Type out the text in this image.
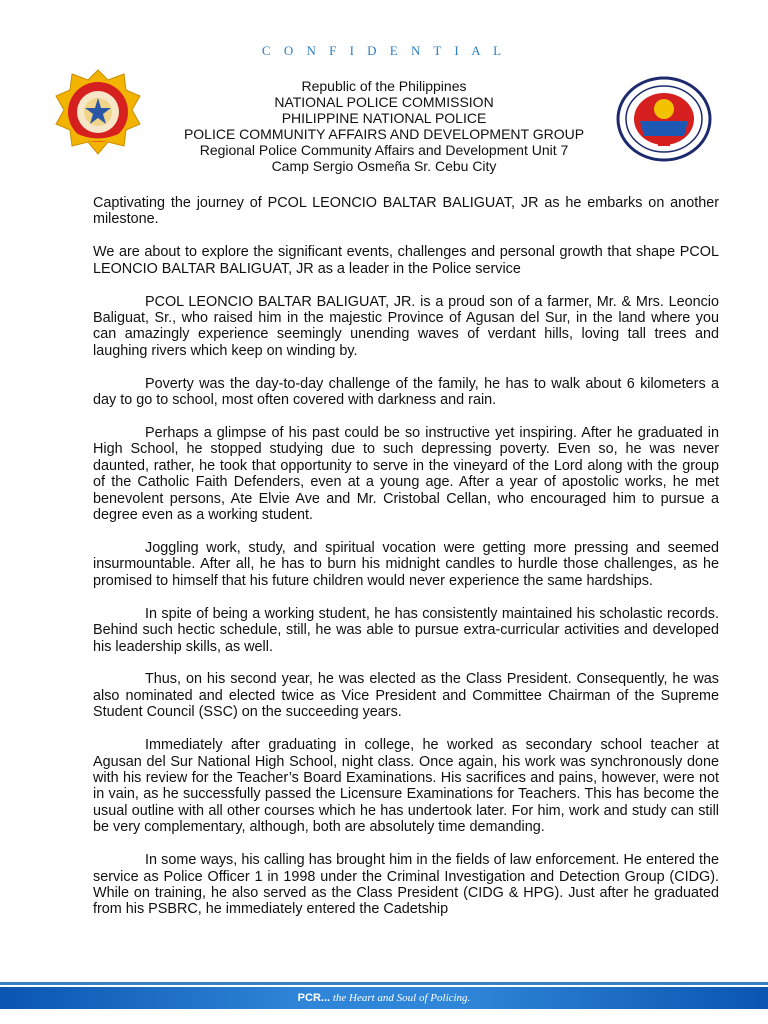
C O N F I D E N T I A L
Republic of the Philippines
NATIONAL POLICE COMMISSION
PHILIPPINE NATIONAL POLICE
POLICE COMMUNITY AFFAIRS AND DEVELOPMENT GROUP
Regional Police Community Affairs and Development Unit 7
Camp Sergio Osmeña Sr. Cebu City

Captivating the journey of PCOL LEONCIO BALTAR BALIGUAT, JR as he embarks on another milestone.

We are about to explore the significant events, challenges and personal growth that shape PCOL LEONCIO BALTAR BALIGUAT, JR as a leader in the Police service

PCOL LEONCIO BALTAR BALIGUAT, JR. is a proud son of a farmer, Mr. & Mrs. Leoncio Baliguat, Sr., who raised him in the majestic Province of Agusan del Sur, in the land where you can amazingly experience seemingly unending waves of verdant hills, loving tall trees and laughing rivers which keep on winding by.

Poverty was the day-to-day challenge of the family, he has to walk about 6 kilometers a day to go to school, most often covered with darkness and rain.

Perhaps a glimpse of his past could be so instructive yet inspiring. After he graduated in High School, he stopped studying due to such depressing poverty. Even so, he was never daunted, rather, he took that opportunity to serve in the vineyard of the Lord along with the group of the Catholic Faith Defenders, even at a young age. After a year of apostolic works, he met benevolent persons, Ate Elvie Ave and Mr. Cristobal Cellan, who encouraged him to pursue a degree even as a working student.

Joggling work, study, and spiritual vocation were getting more pressing and seemed insurmountable. After all, he has to burn his midnight candles to hurdle those challenges, as he promised to himself that his future children would never experience the same hardships.

In spite of being a working student, he has consistently maintained his scholastic records. Behind such hectic schedule, still, he was able to pursue extra-curricular activities and developed his leadership skills, as well.

Thus, on his second year, he was elected as the Class President. Consequently, he was also nominated and elected twice as Vice President and Committee Chairman of the Supreme Student Council (SSC) on the succeeding years.

Immediately after graduating in college, he worked as secondary school teacher at Agusan del Sur National High School, night class. Once again, his work was synchronously done with his review for the Teacher’s Board Examinations. His sacrifices and pains, however, were not in vain, as he successfully passed the Licensure Examinations for Teachers. This has become the usual outline with all other courses which he has undertook later. For him, work and study can still be very complementary, although, both are absolutely time demanding.

In some ways, his calling has brought him in the fields of law enforcement. He entered the service as Police Officer 1 in 1998 under the Criminal Investigation and Detection Group (CIDG). While on training, he also served as the Class President (CIDG & HPG). Just after he graduated from his PSBRC, he immediately entered the Cadetship

PCR... the Heart and Soul of Policing.
